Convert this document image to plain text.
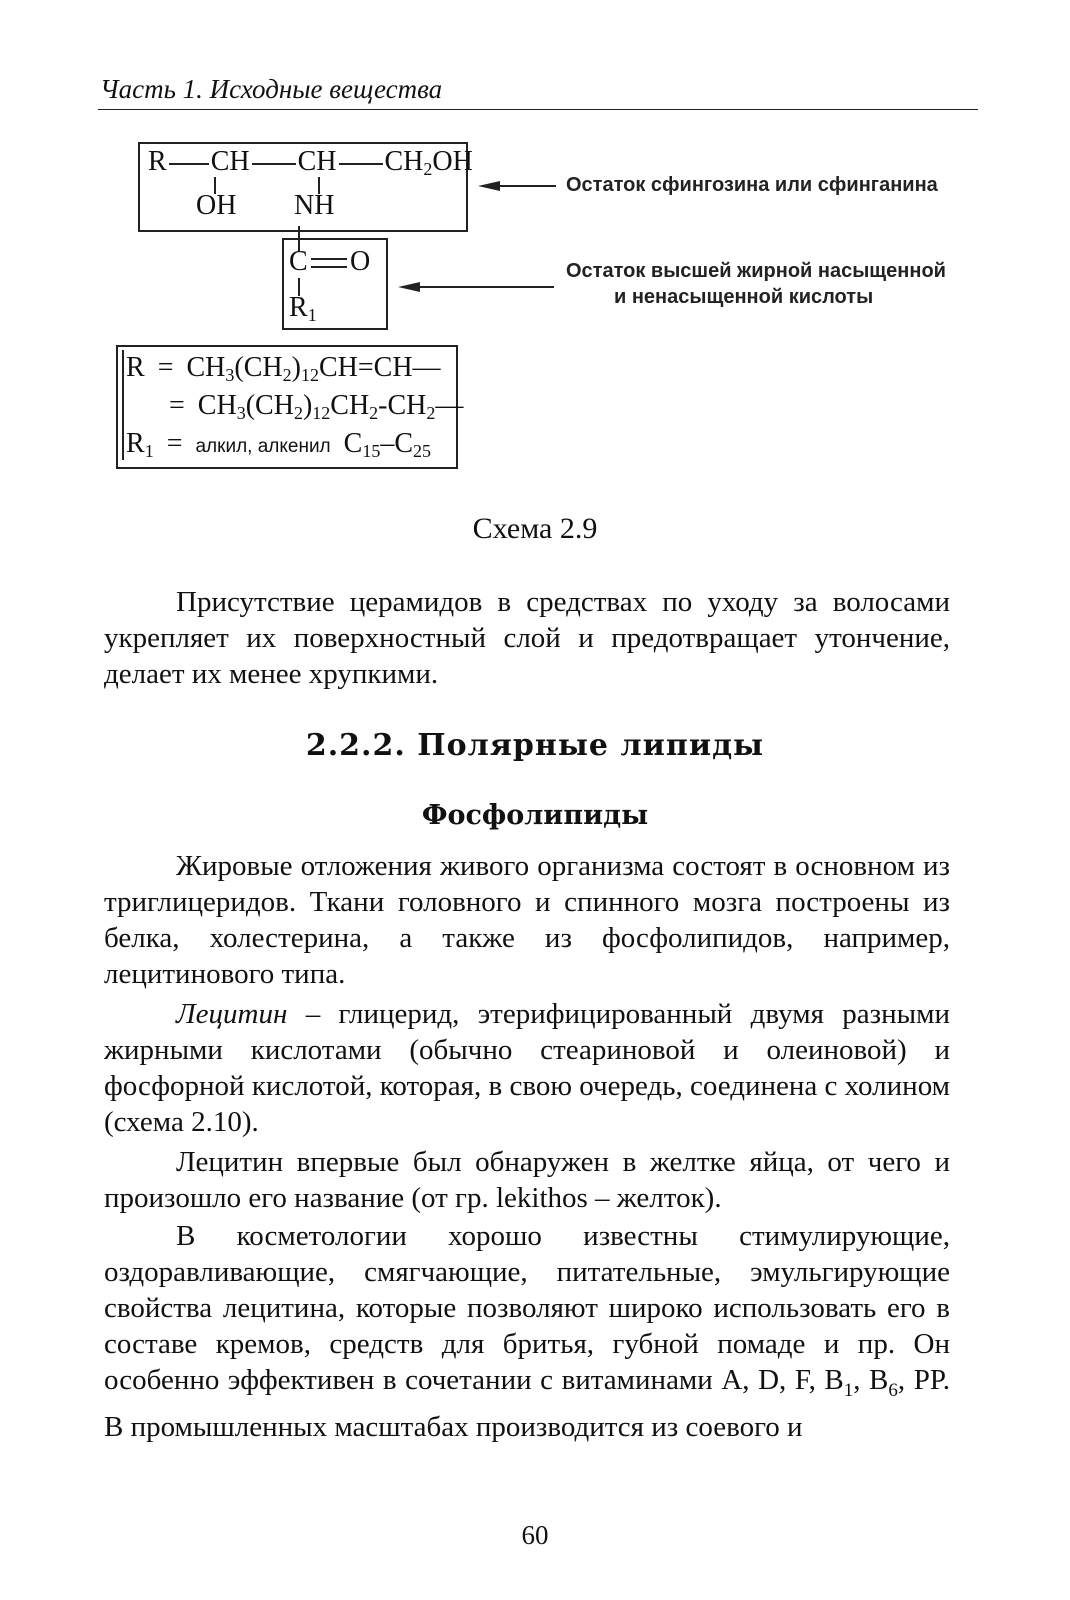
Часть 1. Исходные вещества
R CH CH $CH_2OH$
OH NH
C O
$R_1$
Остаток сфингозина или сфинганина
Остаток высшей жирной насыщенной
и ненасыщенной кислоты
$R = CH_3(CH_2)_{12}CH=CH—$
= $CH_3(CH_2)_{12}CH_2-CH_2—$
$R_1$ = алкил, алкенил $C_{15}-C_{25}$
Схема 2.9
Присутствие церамидов в средствах по уходу за волосами укрепляет их поверхностный слой и предотвращает утончение, делает их менее хрупкими.
2.2.2. Полярные липиды
Фосфолипиды
Жировые отложения живого организма состоят в основном из триглицеридов. Ткани головного и спинного мозга построены из белка, холестерина, а также из фосфолипидов, например, лецитинового типа.
Лецитин – глицерид, этерифицированный двумя разными жирными кислотами (обычно стеариновой и олеиновой) и фосфорной кислотой, которая, в свою очередь, соединена с холином (схема 2.10).
Лецитин впервые был обнаружен в желтке яйца, от чего и произошло его название (от гр. lekithos – желток).
В косметологии хорошо известны стимулирующие, оздоравливающие, смягчающие, питательные, эмульгирующие свойства лецитина, которые позволяют широко использовать его в составе кремов, средств для бритья, губной помаде и пр. Он особенно эффективен в сочетании с витаминами A, D, F, $B_1$, $B_6$, PP. В промышленных масштабах производится из соевого и
60
